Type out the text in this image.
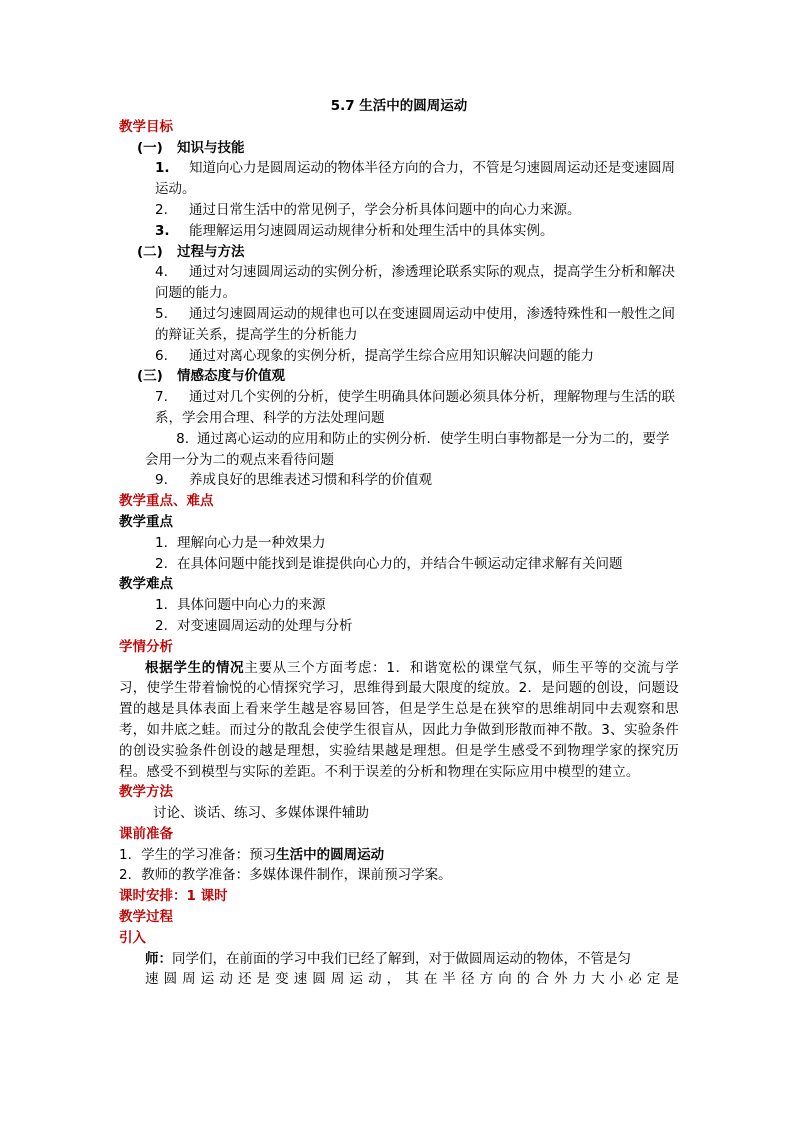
5.7 生活中的圆周运动
教学目标
(一) 知识与技能
1. 知道向心力是圆周运动的物体半径方向的合力，不管是匀速圆周运动还是变速圆周运动。
2. 通过日常生活中的常见例子，学会分析具体问题中的向心力来源。
3. 能理解运用匀速圆周运动规律分析和处理生活中的具体实例。
(二) 过程与方法
4. 通过对匀速圆周运动的实例分析，渗透理论联系实际的观点，提高学生分析和解决问题的能力。
5. 通过匀速圆周运动的规律也可以在变速圆周运动中使用，渗透特殊性和一般性之间的辩证关系，提高学生的分析能力
6. 通过对离心现象的实例分析，提高学生综合应用知识解决问题的能力
(三) 情感态度与价值观
7. 通过对几个实例的分析，使学生明确具体问题必须具体分析，理解物理与生活的联系，学会用合理、科学的方法处理问题
8. 通过离心运动的应用和防止的实例分析．使学生明白事物都是一分为二的，要学会用一分为二的观点来看待问题
9. 养成良好的思维表述习惯和科学的价值观
教学重点、难点
教学重点
1. 理解向心力是一种效果力
2. 在具体问题中能找到是谁提供向心力的，并结合牛顿运动定律求解有关问题
教学难点
1. 具体问题中向心力的来源
2. 对变速圆周运动的处理与分析
学情分析
根据学生的情况主要从三个方面考虑：1．和谐宽松的课堂气氛，师生平等的交流与学习，使学生带着愉悦的心情探究学习，思维得到最大限度的绽放。2．是问题的创设，问题设置的越是具体表面上看来学生越是容易回答，但是学生总是在狭窄的思维胡同中去观察和思考，如井底之蛙。而过分的散乱会使学生很盲从，因此力争做到形散而神不散。3、实验条件的创设实验条件创设的越是理想，实验结果越是理想。但是学生感受不到物理学家的探究历程。感受不到模型与实际的差距。不利于误差的分析和物理在实际应用中模型的建立。
教学方法
讨论、谈话、练习、多媒体课件辅助
课前准备
1．学生的学习准备：预习生活中的圆周运动
2．教师的教学准备：多媒体课件制作，课前预习学案。
课时安排：1 课时
教学过程
引入
师：同学们，在前面的学习中我们已经了解到，对于做圆周运动的物体，不管是匀
速圆周运动还是变速圆周运动，其在半径方向的合外力大小必定是
